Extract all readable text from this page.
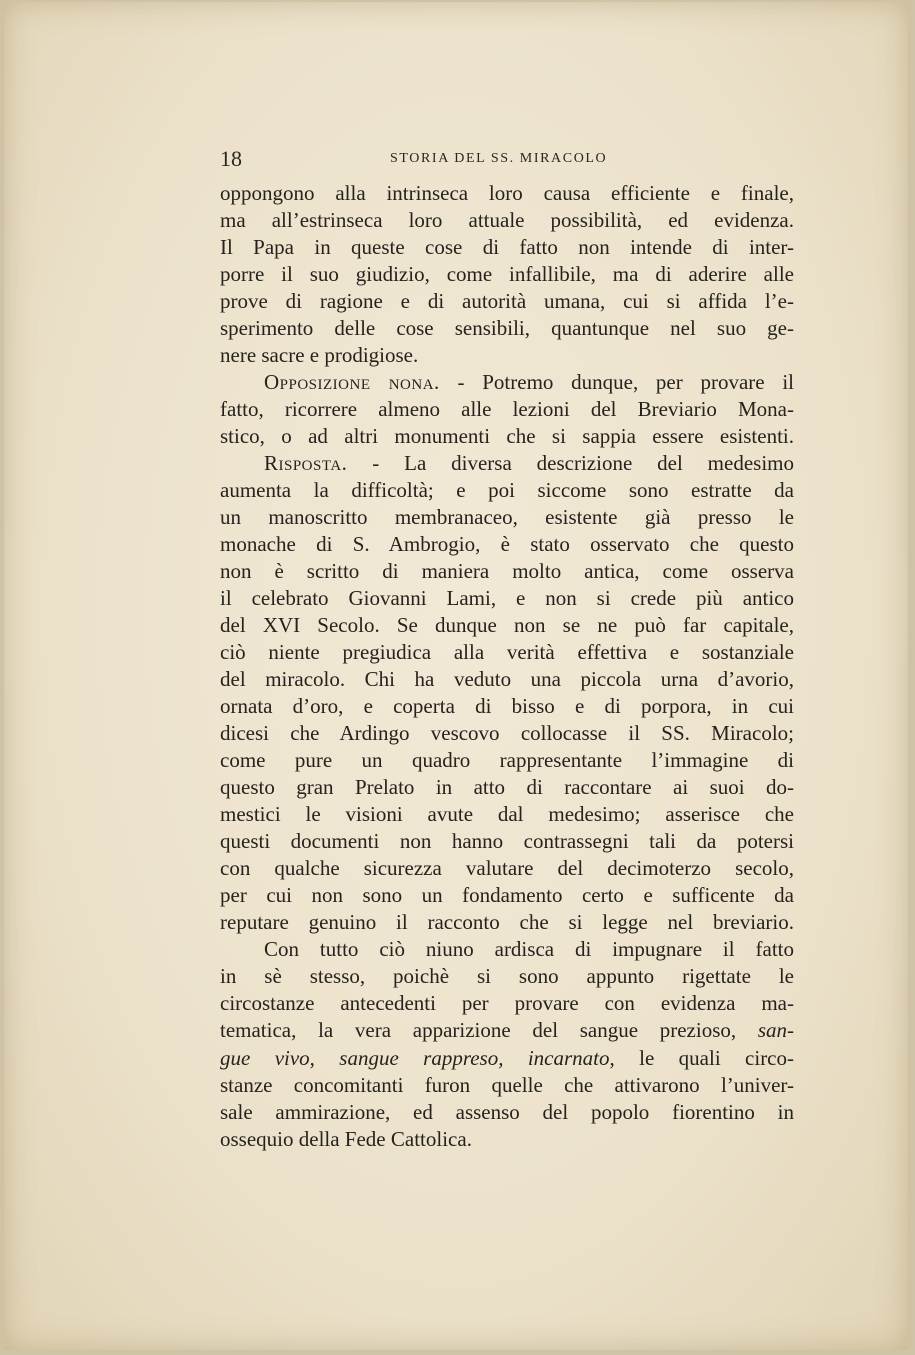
18	STORIA DEL SS. MIRACOLO
oppongono alla intrinseca loro causa efficiente e finale,
ma all’estrinseca loro attuale possibilità, ed evidenza.
Il Papa in queste cose di fatto non intende di inter-
porre il suo giudizio, come infallibile, ma di aderire alle
prove di ragione e di autorità umana, cui si affida l’e-
sperimento delle cose sensibili, quantunque nel suo ge-
nere sacre e prodigiose.
Opposizione nona. - Potremo dunque, per provare il
fatto, ricorrere almeno alle lezioni del Breviario Mona-
stico, o ad altri monumenti che si sappia essere esistenti.
Risposta. - La diversa descrizione del medesimo
aumenta la difficoltà; e poi siccome sono estratte da
un manoscritto membranaceo, esistente già presso le
monache di S. Ambrogio, è stato osservato che questo
non è scritto di maniera molto antica, come osserva
il celebrato Giovanni Lami, e non si crede più antico
del XVI Secolo. Se dunque non se ne può far capitale,
ciò niente pregiudica alla verità effettiva e sostanziale
del miracolo. Chi ha veduto una piccola urna d’avorio,
ornata d’oro, e coperta di bisso e di porpora, in cui
dicesi che Ardingo vescovo collocasse il SS. Miracolo;
come pure un quadro rappresentante l’immagine di
questo gran Prelato in atto di raccontare ai suoi do-
mestici le visioni avute dal medesimo; asserisce che
questi documenti non hanno contrassegni tali da potersi
con qualche sicurezza valutare del decimoterzo secolo,
per cui non sono un fondamento certo e sufficente da
reputare genuino il racconto che si legge nel breviario.
Con tutto ciò niuno ardisca di impugnare il fatto
in sè stesso, poichè si sono appunto rigettate le
circostanze antecedenti per provare con evidenza ma-
tematica, la vera apparizione del sangue prezioso, san-
gue vivo, sangue rappreso, incarnato, le quali circo-
stanze concomitanti furon quelle che attivarono l’univer-
sale ammirazione, ed assenso del popolo fiorentino in
ossequio della Fede Cattolica.
